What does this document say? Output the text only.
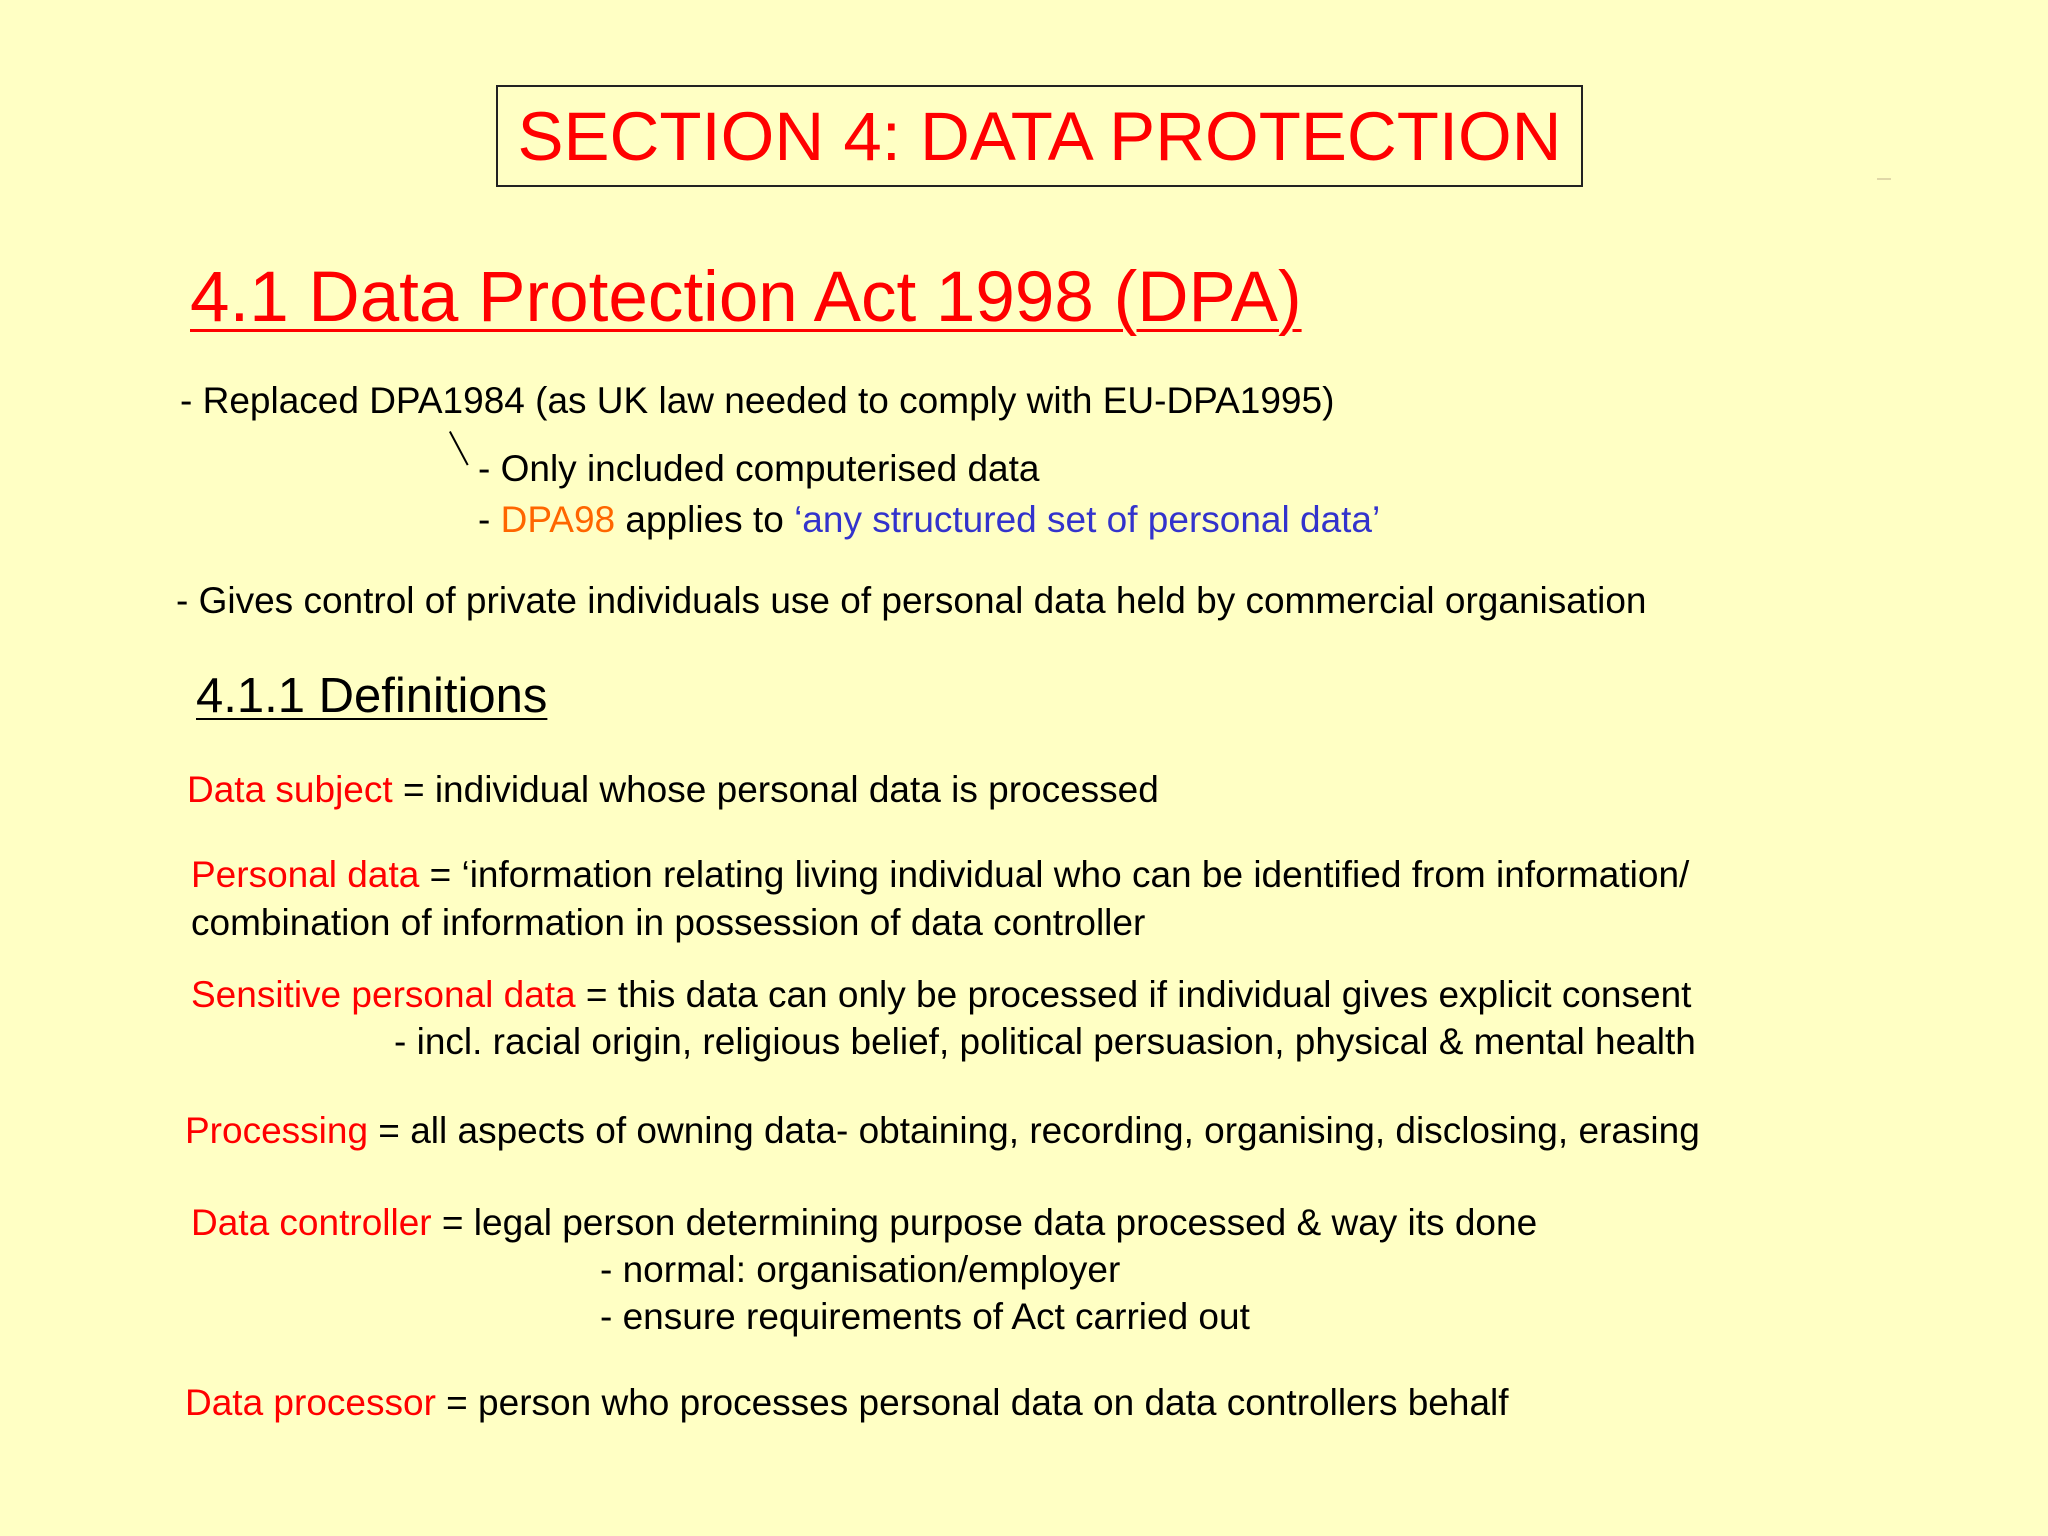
SECTION 4: DATA PROTECTION
4.1 Data Protection Act 1998 (DPA)
- Replaced DPA1984 (as UK law needed to comply with EU-DPA1995)
- Only included computerised data
- DPA98 applies to ‘any structured set of personal data’
- Gives control of private individuals use of personal data held by commercial organisation
4.1.1 Definitions
Data subject = individual whose personal data is processed
Personal data = ‘information relating living individual who can be identified from information/
combination of information in possession of data controller
Sensitive personal data = this data can only be processed if individual gives explicit consent
- incl. racial origin, religious belief, political persuasion, physical & mental health
Processing = all aspects of owning data- obtaining, recording, organising, disclosing, erasing
Data controller = legal person determining purpose data processed & way its done
- normal: organisation/employer
- ensure requirements of Act carried out
Data processor = person who processes personal data on data controllers behalf
